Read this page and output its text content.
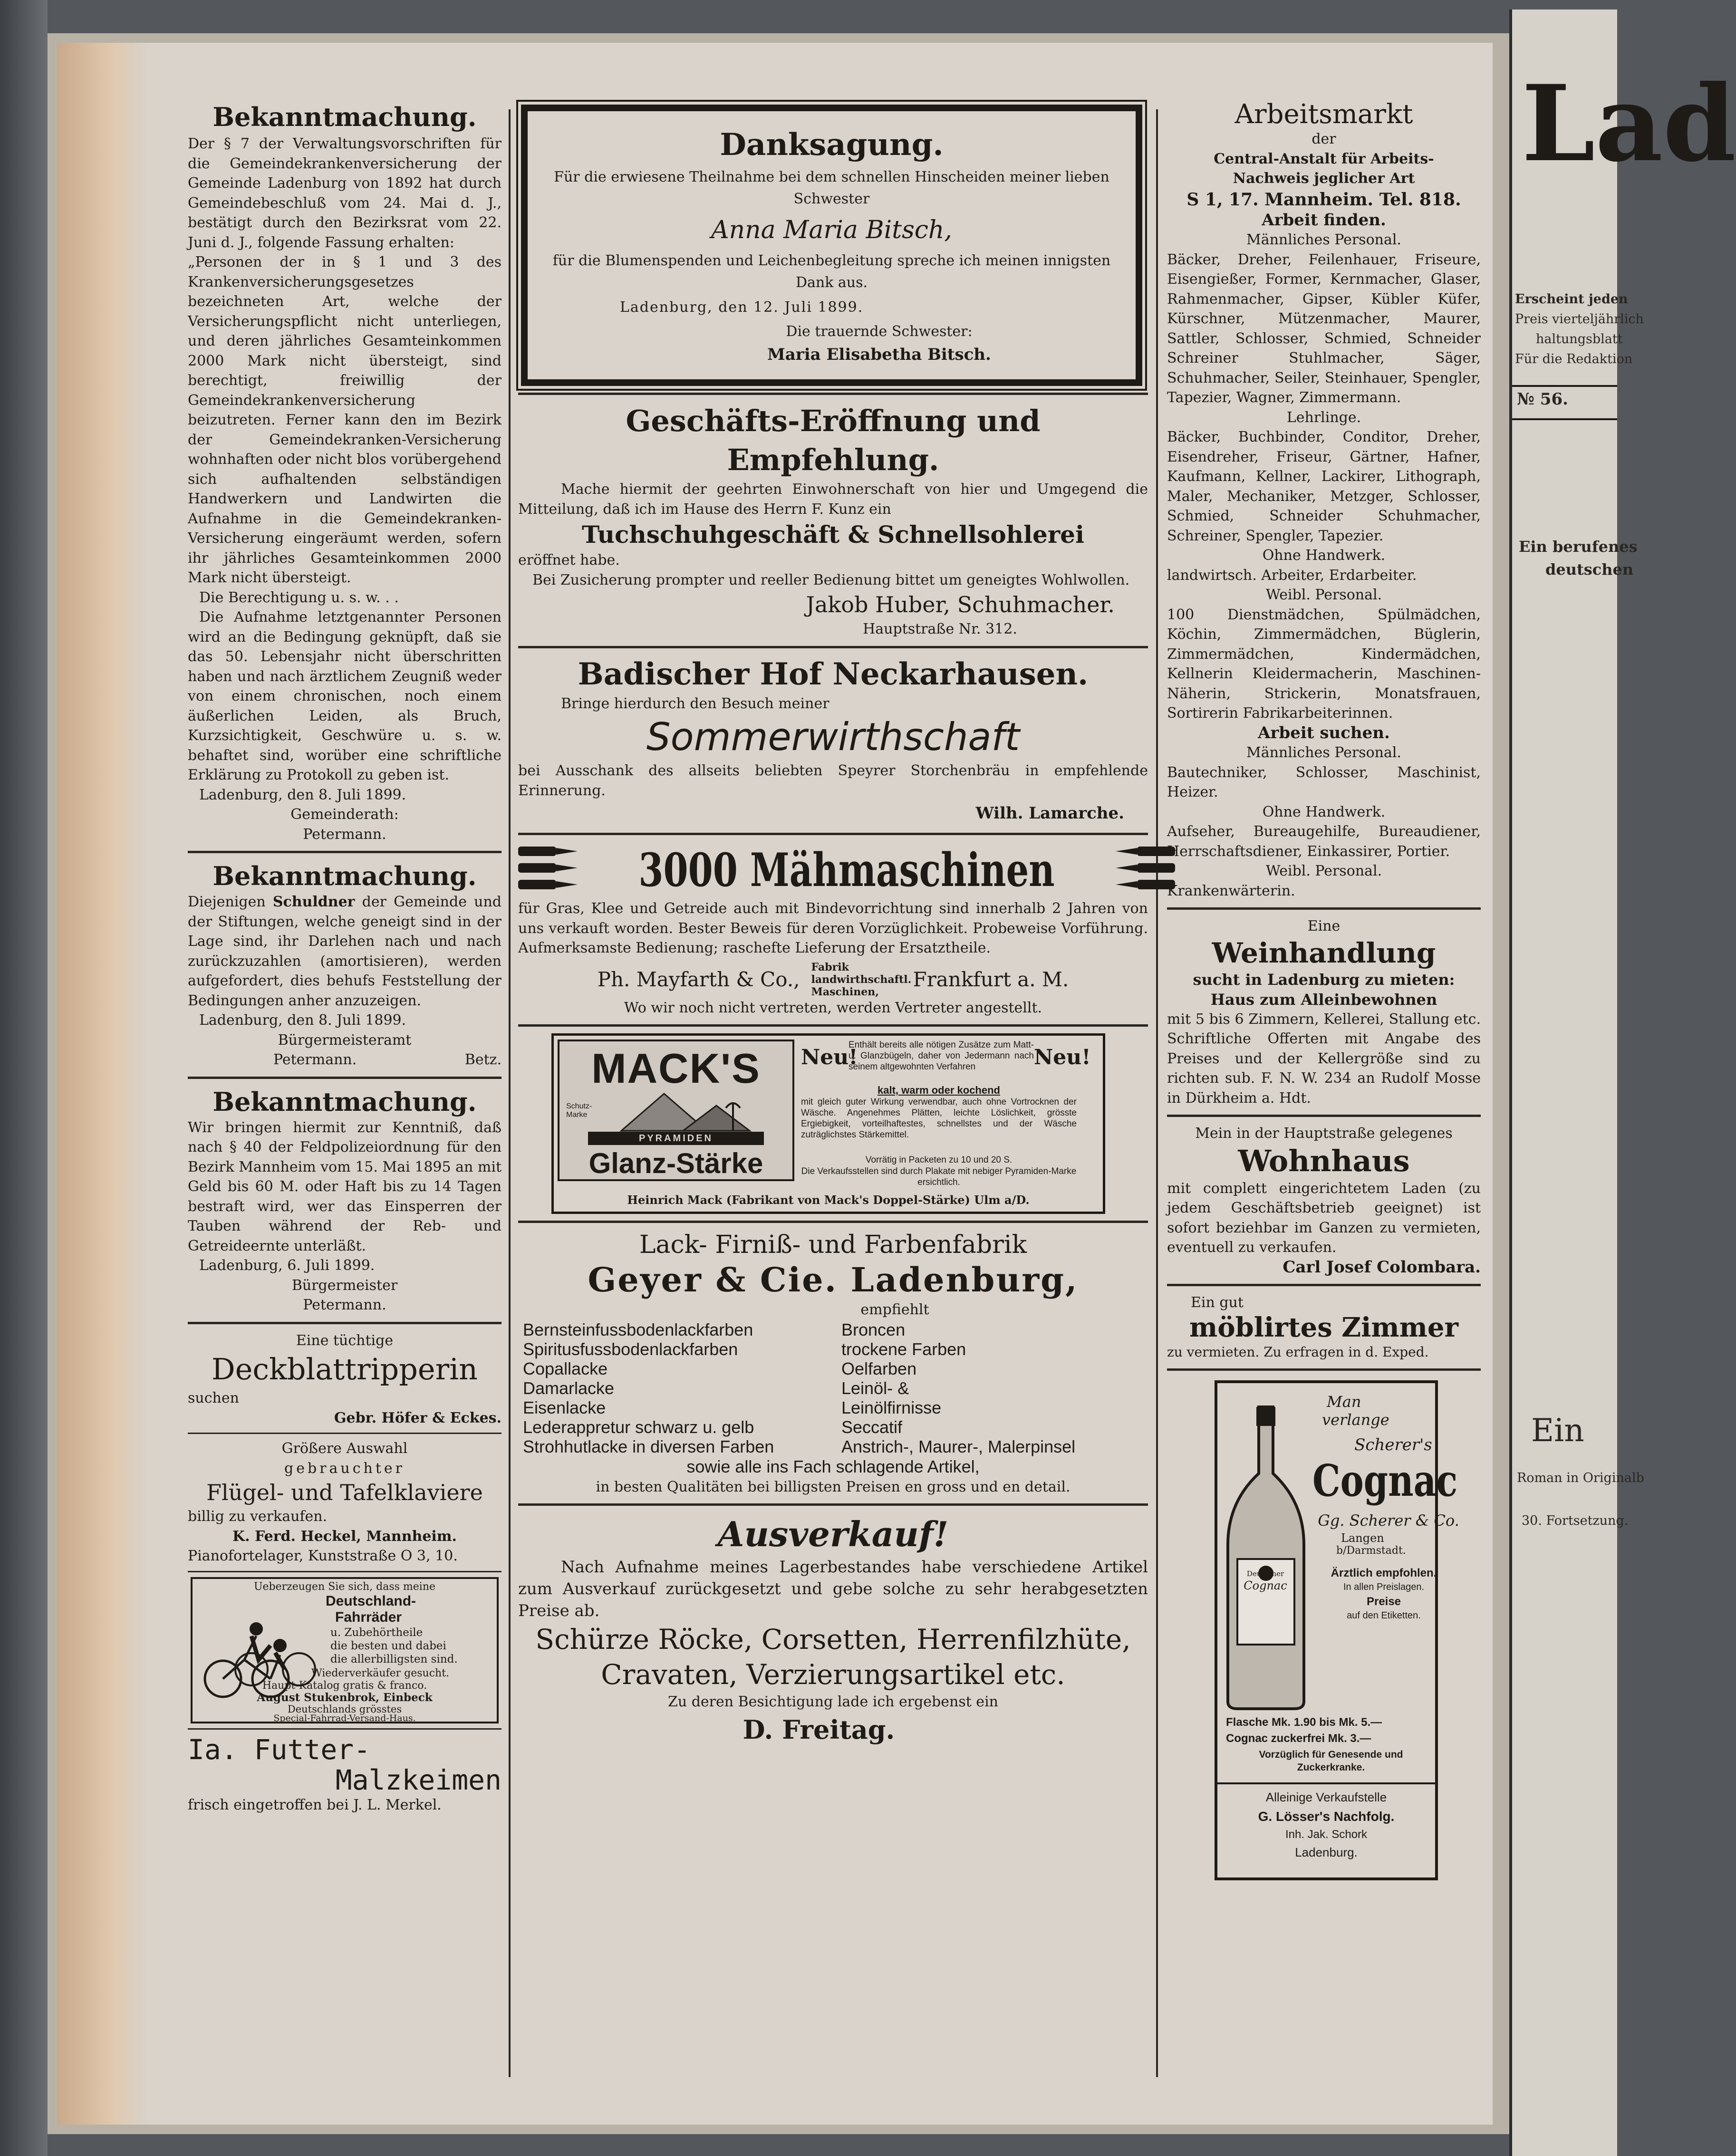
Bekanntmachung.

Der § 7 der Verwaltungsvorschriften für die Gemeindekrankenversicherung der Gemeinde Ladenburg von 1892 hat durch Gemeindebeschluß vom 24. Mai d. J., bestätigt durch den Bezirksrat vom 22. Juni d. J., folgende Fassung erhalten:

„Personen der in § 1 und 3 des Krankenversicherungsgesetzes bezeichneten Art, welche der Versicherungspflicht nicht unterliegen, und deren jährliches Gesamteinkommen 2000 Mark nicht übersteigt, sind berechtigt, freiwillig der Gemeindekrankenversicherung beizutreten. Ferner kann den im Bezirk der Gemeindekranken-Versicherung wohnhaften oder nicht blos vorübergehend sich aufhaltenden selbständigen Handwerkern und Landwirten die Aufnahme in die Gemeindekranken-Versicherung eingeräumt werden, sofern ihr jährliches Gesamteinkommen 2000 Mark nicht übersteigt.

Die Berechtigung u. s. w. . .

Die Aufnahme letztgenannter Personen wird an die Bedingung geknüpft, daß sie das 50. Lebensjahr nicht überschritten haben und nach ärztlichem Zeugniß weder von einem chronischen, noch einem äußerlichen Leiden, als Bruch, Kurzsichtigkeit, Geschwüre u. s. w. behaftet sind, worüber eine schriftliche Erklärung zu Protokoll zu geben ist.

Ladenburg, den 8. Juli 1899.

Gemeinderath:

Petermann.

Bekanntmachung.

Diejenigen Schuldner der Gemeinde und der Stiftungen, welche geneigt sind in der Lage sind, ihr Darlehen nach und nach zurückzuzahlen (amortisieren), werden aufgefordert, dies behufs Feststellung der Bedingungen anher anzuzeigen.

Ladenburg, den 8. Juli 1899.

Bürgermeisteramt

Petermann.	Betz.

Bekanntmachung.

Wir bringen hiermit zur Kenntniß, daß nach § 40 der Feldpolizeiordnung für den Bezirk Mannheim vom 15. Mai 1895 an mit Geld bis 60 M. oder Haft bis zu 14 Tagen bestraft wird, wer das Einsperren der Tauben während der Reb- und Getreideernte unterläßt.

Ladenburg, 6. Juli 1899.

Bürgermeister

Petermann.

Eine tüchtige

Deckblattripperin

suchen

Gebr. Höfer & Eckes.

Größere Auswahl

gebrauchter

Flügel- und Tafelklaviere

billig zu verkaufen.

K. Ferd. Heckel, Mannheim.

Pianofortelager, Kunststraße O 3, 10.

Ueberzeugen Sie sich, dass meine
Deutschland-
Fahrräder
u. Zubehörtheile
die besten und dabei
die allerbilligsten sind.
Wiederverkäufer gesucht.
Haupt-Katalog gratis & franco.
August Stukenbrok, Einbeck
Deutschlands grösstes
Special-Fahrrad-Versand-Haus.

Ia. Futter-

Malzkeimen

frisch eingetroffen bei J. L. Merkel.

Danksagung.

Für die erwiesene Theilnahme bei dem schnellen Hinscheiden meiner lieben Schwester

Anna Maria Bitsch,

für die Blumenspenden und Leichenbegleitung spreche ich meinen innigsten Dank aus.

Ladenburg, den 12. Juli 1899.

Die trauernde Schwester:

Maria Elisabetha Bitsch.

Geschäfts-Eröffnung und Empfehlung.

Mache hiermit der geehrten Einwohnerschaft von hier und Umgegend die Mitteilung, daß ich im Hause des Herrn F. Kunz ein

Tuchschuhgeschäft & Schnellsohlerei

eröffnet habe.

Bei Zusicherung prompter und reeller Bedienung bittet um geneigtes Wohlwollen.

Jakob Huber, Schuhmacher.

Hauptstraße Nr. 312.

Badischer Hof Neckarhausen.

Bringe hierdurch den Besuch meiner

Sommerwirthschaft

bei Ausschank des allseits beliebten Speyrer Storchenbräu in empfehlende Erinnerung.

Wilh. Lamarche.

3000 Mähmaschinen

für Gras, Klee und Getreide auch mit Bindevorrichtung sind innerhalb 2 Jahren von uns verkauft worden. Bester Beweis für deren Vorzüglichkeit. Probeweise Vorführung. Aufmerksamste Bedienung; raschefte Lieferung der Ersatztheile.

Ph. Mayfarth & Co.,
Fabrik landwirthschaftl. Maschinen,
Frankfurt a. M.

Wo wir noch nicht vertreten, werden Vertreter angestellt.

MACK'S
Schutz-Marke
PYRAMIDEN
Glanz-Stärke
Neu!	Neu!
Enthält bereits alle nötigen Zusätze zum Matt- u. Glanzbügeln, daher von Jedermann nach seinem altgewohnten Verfahren
kalt, warm oder kochend
mit gleich guter Wirkung verwendbar, auch ohne Vortrocknen der Wäsche. Angenehmes Plätten, leichte Löslichkeit, grösste Ergiebigkeit, vorteilhaftestes, schnellstes und der Wäsche zuträglichstes Stärkemittel.
Vorrätig in Packeten zu 10 und 20 S.
Die Verkaufsstellen sind durch Plakate mit nebiger Pyramiden-Marke ersichtlich.
Heinrich Mack (Fabrikant von Mack's Doppel-Stärke) Ulm a/D.

Lack- Firniß- und Farbenfabrik

Geyer & Cie. Ladenburg,

empfiehlt

Bernsteinfussbodenlackfarben
Spiritusfussbodenlackfarben
Copallacke
Damarlacke
Eisenlacke
Lederappretur schwarz u. gelb
Strohhutlacke in diversen Farben
Broncen
trockene Farben
Oelfarben
Leinöl- &
Leinölfirnisse
Seccatif
Anstrich-, Maurer-, Malerpinsel

sowie alle ins Fach schlagende Artikel,

in besten Qualitäten bei billigsten Preisen en gross und en detail.

Ausverkauf!

Nach Aufnahme meines Lagerbestandes habe verschiedene Artikel zum Ausverkauf zurückgesetzt und gebe solche zu sehr herabgesetzten Preise ab.

Schürze Röcke, Corsetten, Herrenfilzhüte,

Cravaten, Verzierungsartikel etc.

Zu deren Besichtigung lade ich ergebenst ein

D. Freitag.

Arbeitsmarkt

der

Central-Anstalt für Arbeits-

Nachweis jeglicher Art

S 1, 17. Mannheim. Tel. 818.

Arbeit finden.

Männliches Personal.

Bäcker, Dreher, Feilenhauer, Friseure, Eisengießer, Former, Kernmacher, Glaser, Rahmenmacher, Gipser, Kübler Küfer, Kürschner, Mützenmacher, Maurer, Sattler, Schlosser, Schmied, Schneider Schreiner Stuhlmacher, Säger, Schuhmacher, Seiler, Steinhauer, Spengler, Tapezier, Wagner, Zimmermann.

Lehrlinge.

Bäcker, Buchbinder, Conditor, Dreher, Eisendreher, Friseur, Gärtner, Hafner, Kaufmann, Kellner, Lackirer, Lithograph, Maler, Mechaniker, Metzger, Schlosser, Schmied, Schneider Schuhmacher, Schreiner, Spengler, Tapezier.

Ohne Handwerk.

landwirtsch. Arbeiter, Erdarbeiter.

Weibl. Personal.

100 Dienstmädchen, Spülmädchen, Köchin, Zimmermädchen, Büglerin, Zimmermädchen, Kindermädchen, Kellnerin Kleidermacherin, Maschinen-Näherin, Strickerin, Monatsfrauen, Sortirerin Fabrikarbeiterinnen.

Arbeit suchen.

Männliches Personal.

Bautechniker, Schlosser, Maschinist, Heizer.

Ohne Handwerk.

Aufseher, Bureaugehilfe, Bureaudiener, Herrschaftsdiener, Einkassirer, Portier.

Weibl. Personal.

Krankenwärterin.

Eine

Weinhandlung

sucht in Ladenburg zu mieten:

Haus zum Alleinbewohnen

mit 5 bis 6 Zimmern, Kellerei, Stallung etc. Schriftliche Offerten mit Angabe des Preises und der Kellergröße sind zu richten sub. F. N. W. 234 an Rudolf Mosse in Dürkheim a. Hdt.

Mein in der Hauptstraße gelegenes

Wohnhaus

mit complett eingerichtetem Laden (zu jedem Geschäftsbetrieb geeignet) ist sofort beziehbar im Ganzen zu vermieten, eventuell zu verkaufen.

Carl Josef Colombara.

Ein gut

möblirtes Zimmer

zu vermieten. Zu erfragen in d. Exped.

Man
verlange
Deutscher
Cognac
Scherer's
Cognac
Gg. Scherer & Co.
Langen
b/Darmstadt.
Ärztlich empfohlen.
In allen Preislagen.
Preise
auf den Etiketten.
Flasche Mk. 1.90 bis Mk. 5.—
Cognac zuckerfrei Mk. 3.—
Vorzüglich für Genesende und Zuckerkranke.
Alleinige Verkaufstelle
G. Lösser's Nachfolg.
Inh. Jak. Schork
Ladenburg.
Lad
Erscheint jeden
Preis vierteljährlich
haltungsblatt
Für die Redaktion
№ 56.
Ein berufenes
deutschen
Ein
Roman in Originalb
30. Fortsetzung.
